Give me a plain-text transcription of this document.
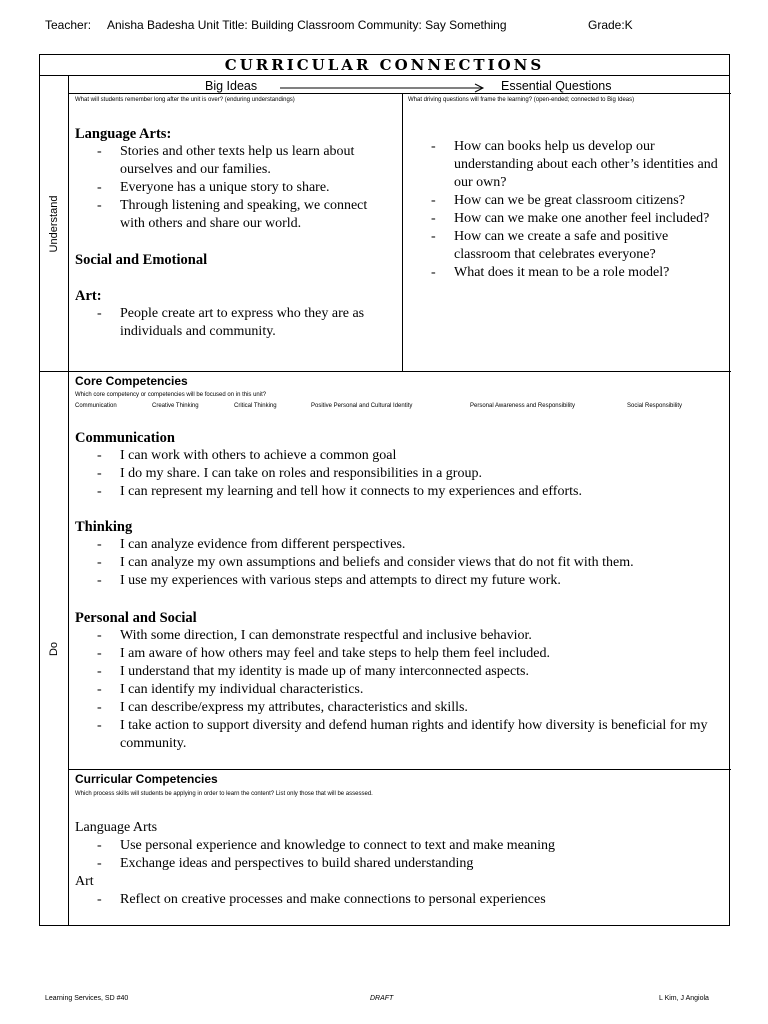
Teacher: Anisha Badesha Unit Title: Building Classroom Community: Say Something	Grade:K
CURRICULAR CONNECTIONS
Understand
Big Ideas	Essential Questions
What will students remember long after the unit is over? (enduring understandings)	What driving questions will frame the learning? (open-ended; connected to Big Ideas)
Language Arts:
- Stories and other texts help us learn about ourselves and our families.
- Everyone has a unique story to share.
- Through listening and speaking, we connect with others and share our world.
Social and Emotional
Art:
- People create art to express who they are as individuals and community.
- How can books help us develop our understanding about each other’s identities and our own?
- How can we be great classroom citizens?
- How can we make one another feel included?
- How can we create a safe and positive classroom that celebrates everyone?
- What does it mean to be a role model?
Do
Core Competencies
Which core competency or competencies will be focused on in this unit?
Communication	Creative Thinking	Critical Thinking	Positive Personal and Cultural Identity	Personal Awareness and Responsibility	Social Responsibility
Communication
- I can work with others to achieve a common goal
- I do my share. I can take on roles and responsibilities in a group.
- I can represent my learning and tell how it connects to my experiences and efforts.
Thinking
- I can analyze evidence from different perspectives.
- I can analyze my own assumptions and beliefs and consider views that do not fit with them.
- I use my experiences with various steps and attempts to direct my future work.
Personal and Social
- With some direction, I can demonstrate respectful and inclusive behavior.
- I am aware of how others may feel and take steps to help them feel included.
- I understand that my identity is made up of many interconnected aspects.
- I can identify my individual characteristics.
- I can describe/express my attributes, characteristics and skills.
- I take action to support diversity and defend human rights and identify how diversity is beneficial for my community.
Curricular Competencies
Which process skills will students be applying in order to learn the content? List only those that will be assessed.
Language Arts
- Use personal experience and knowledge to connect to text and make meaning
- Exchange ideas and perspectives to build shared understanding
Art
- Reflect on creative processes and make connections to personal experiences
Learning Services, SD #40	DRAFT	L Kim, J Angiola
